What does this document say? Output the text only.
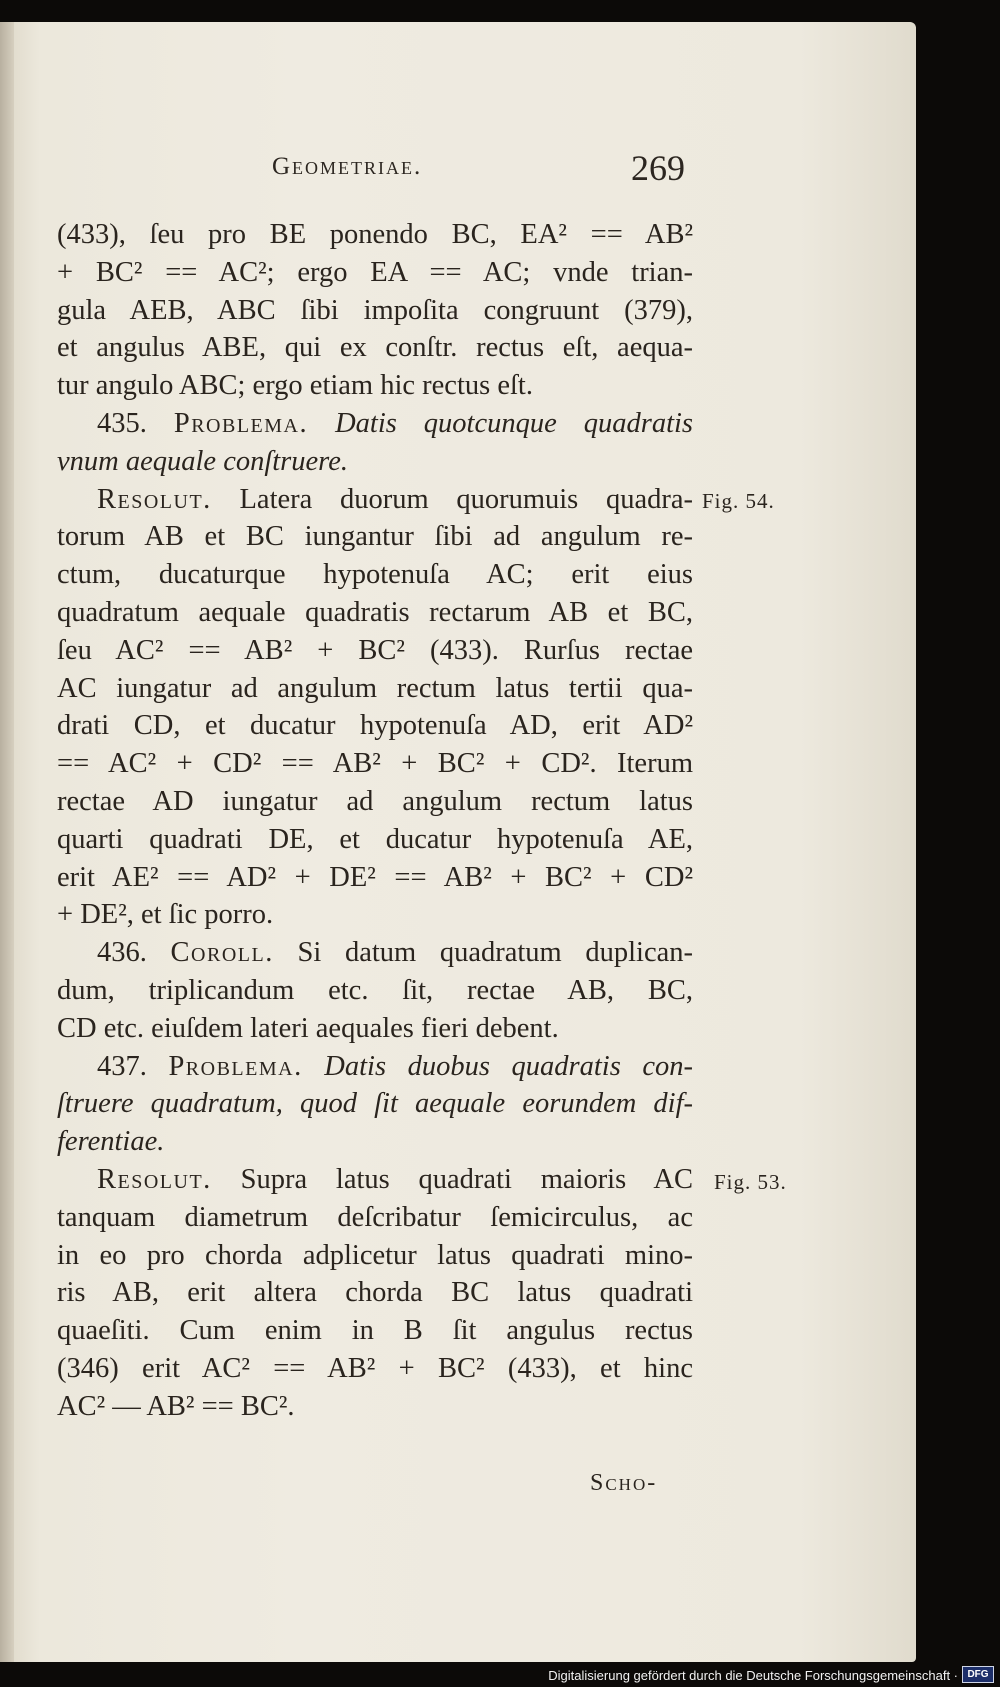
Geometriae.	269
(433), ſeu pro BE ponendo BC, EA² == AB²
+ BC² == AC²; ergo EA == AC; vnde trian-
gula AEB, ABC ſibi impoſita congruunt (379),
et angulus ABE, qui ex conſtr. rectus eſt, aequa-
tur angulo ABC; ergo etiam hic rectus eſt.
435. Problema. Datis quotcunque quadratis
vnum aequale conſtruere.
Resolut. Latera duorum quorumuis quadra-
torum AB et BC iungantur ſibi ad angulum re-
ctum, ducaturque hypotenuſa AC; erit eius
quadratum aequale quadratis rectarum AB et BC,
ſeu AC² == AB² + BC² (433). Rurſus rectae
AC iungatur ad angulum rectum latus tertii qua-
drati CD, et ducatur hypotenuſa AD, erit AD²
== AC² + CD² == AB² + BC² + CD². Iterum
rectae AD iungatur ad angulum rectum latus
quarti quadrati DE, et ducatur hypotenuſa AE,
erit AE² == AD² + DE² == AB² + BC² + CD²
+ DE², et ſic porro.
436. Coroll. Si datum quadratum duplican-
dum, triplicandum etc. ſit, rectae AB, BC,
CD etc. eiuſdem lateri aequales fieri debent.
437. Problema. Datis duobus quadratis con-
ſtruere quadratum, quod ſit aequale eorundem dif-
ferentiae.
Resolut. Supra latus quadrati maioris AC
tanquam diametrum deſcribatur ſemicirculus, ac
in eo pro chorda adplicetur latus quadrati mino-
ris AB, erit altera chorda BC latus quadrati
quaeſiti. Cum enim in B ſit angulus rectus
(346) erit AC² == AB² + BC² (433), et hinc
AC² — AB² == BC².
Fig. 54.
Fig. 53.
Scho-
Digitalisierung gefördert durch die Deutsche Forschungsgemeinschaft · DFG
